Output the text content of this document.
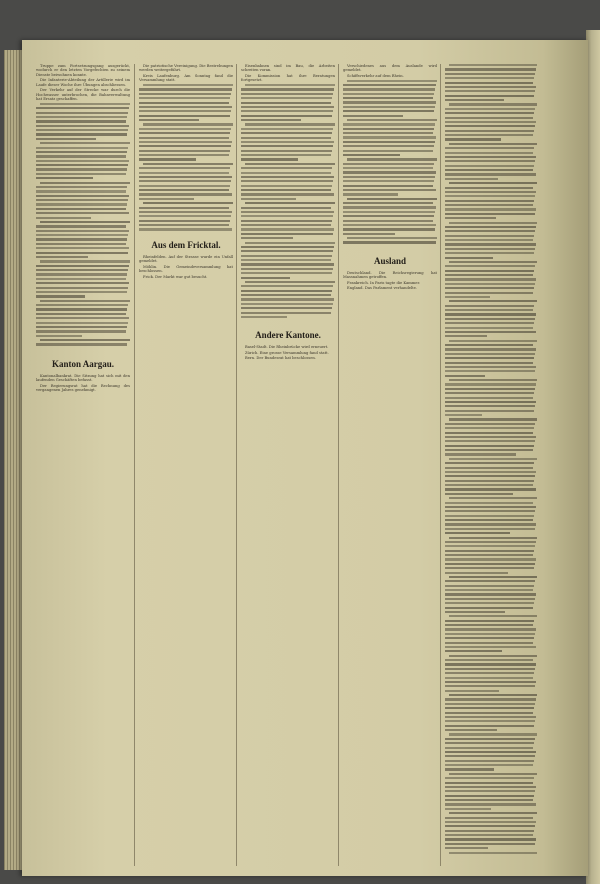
Truppe zum Fortsetzungsgang ausgerückt, wodurch er den letzten Vorgefechten zu seinem Dienste beiwohnen konnte.

Die Infanterie-Abteilung der Artillerie wird im Laufe dieser Woche ihre Übungen abschliessen.

Der Verkehr auf der Strecke war durch die Hochwasser unterbrochen, die Bahnverwaltung hat Ersatz geschaffen.

Kanton Aargau.

Kantonalbankrat. Die Sitzung hat sich mit den laufenden Geschäften befasst.

Der Regierungsrat hat die Rechnung des vergangenen Jahres genehmigt.

Die patriotische Vereinigung. Die Bestrebungen werden weitergeführt.

Kreis Laufenburg. Am Sonntag fand die Versammlung statt.

Aus dem Fricktal.

Rheinfelden. Auf der Strasse wurde ein Unfall gemeldet.

Möhlin. Die Gemeindeversammlung hat beschlossen.

Frick. Der Markt war gut besucht.

Eisenbahnen sind im Bau, die Arbeiten schreiten voran.

Die Kommission hat ihre Beratungen fortgesetzt.

Andere Kantone.

Basel-Stadt. Die Rheinbrücke wird erneuert.

Zürich. Eine grosse Versammlung fand statt.

Bern. Der Bundesrat hat beschlossen.

Verschiedenes aus dem Auslande wird gemeldet.

Schiffsverkehr auf dem Rhein.

Ausland

Deutschland. Die Reichsregierung hat Massnahmen getroffen.

Frankreich. In Paris tagte die Kammer.

England. Das Parlament verhandelte.
